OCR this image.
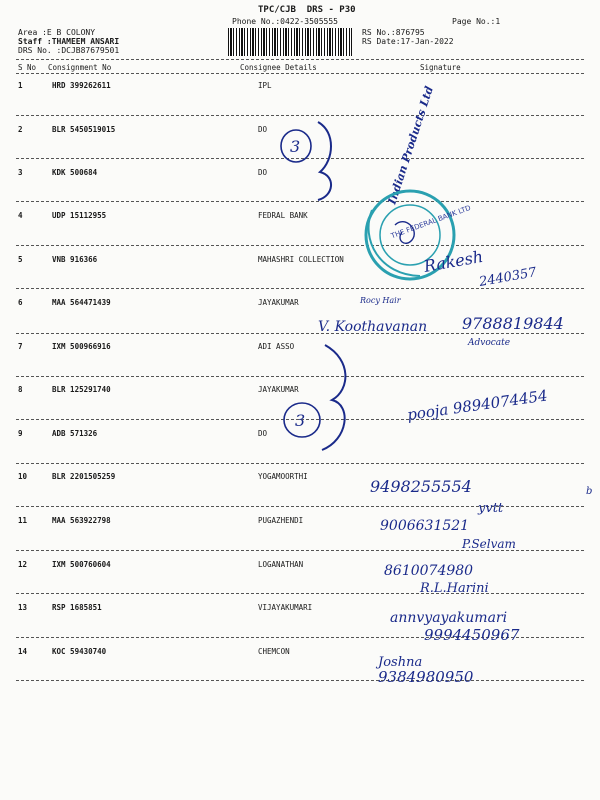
TPC/CJB  DRS - P30
Phone No.:0422-3505555	Page No.:1
Area :E B COLONY
Staff :THAMEEM ANSARI
DRS No. :DCJB87679501
RS No.:876795
RS Date:17-Jan-2022
S No Consignment No	Consignee Details	Signature
1	HRD 399262611	IPL
2	BLR 5450519015	DO
3	KDK 500684	DO
4	UDP 15112955	FEDRAL BANK
5	VNB 916366	MAHASHRI COLLECTION
6	MAA 564471439	JAYAKUMAR
7	IXM 500966916	ADI ASSO
8	BLR 125291740	JAYAKUMAR
9	ADB 571326	DO
10	BLR 2201505259	YOGAMOORTHI
11	MAA 563922798	PUGAZHENDI
12	IXM 500760604	LOGANATHAN
13	RSP 1685851	VIJAYAKUMARI
14	KOC 59430740	CHEMCON
3	Indian Products Ltd
THE FEDERAL BANK LTD
Rakesh
2440357
Rocy Hair
V. Koothavanan 9788819844
Advocate
3	pooja 9894074454
9498255554
yvtt
b
9006631521
P.Selvam
8610074980
R.L.Harini
annvyayakumari
9994450967
Joshna
9384980950
